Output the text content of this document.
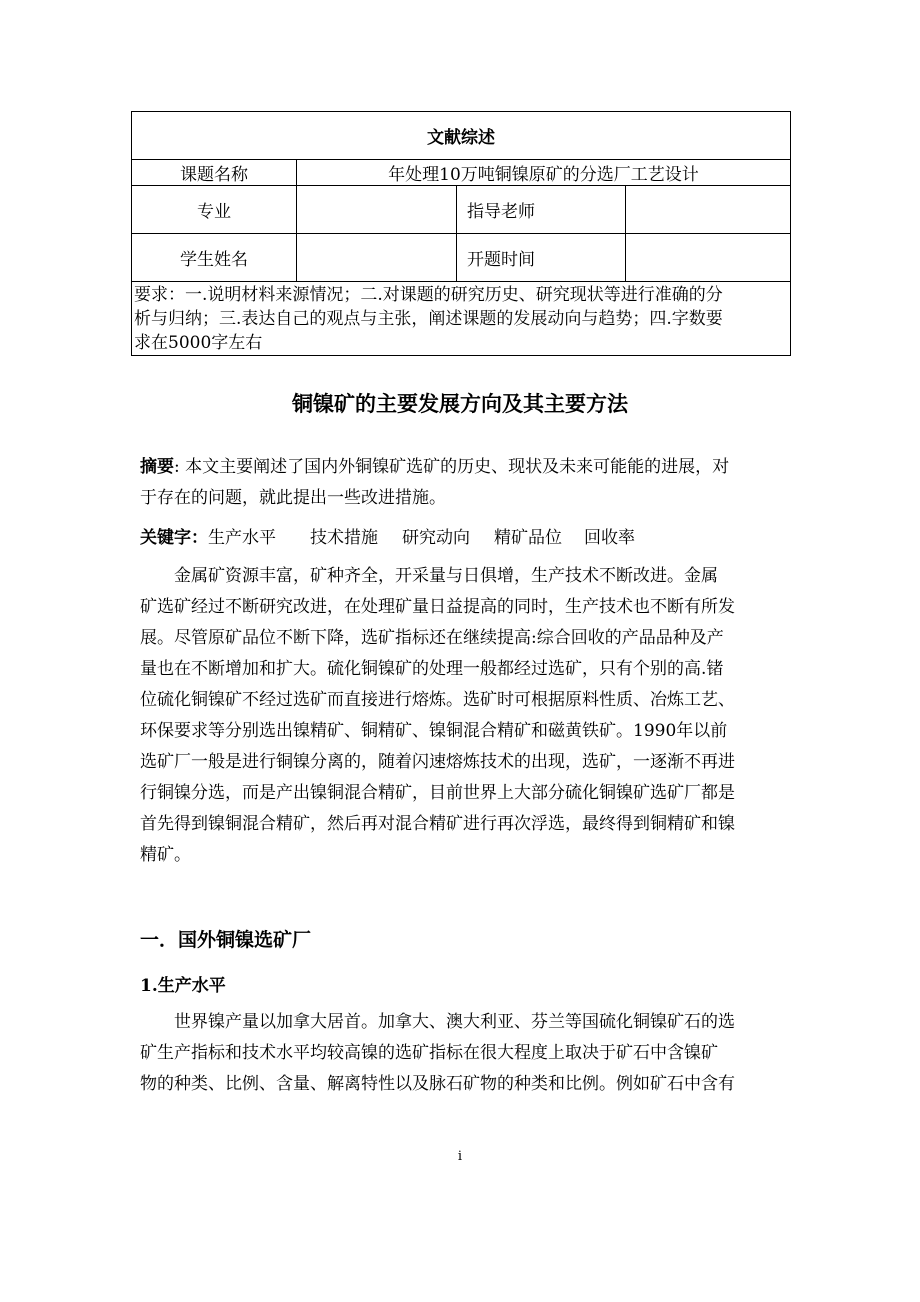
文献综述			
课题名称	年处理10万吨铜镍原矿的分选厂工艺设计		
专业		指导老师	
学生姓名		开题时间	

要求：一.说明材料来源情况；二.对课题的研究历史、研究现状等进行准确的分
析与归纳；三.表达自己的观点与主张，阐述课题的发展动向与趋势；四.字数要
求在5000字左右			
铜镍矿的主要发展方向及其主要方法
摘要: 本文主要阐述了国内外铜镍矿选矿的历史、现状及未来可能能的进展，对
于存在的问题，就此提出一些改进措施。
关键字：生产水平 技术措施 研究动向 精矿品位 回收率
　　金属矿资源丰富，矿种齐全，开采量与日俱增，生产技术不断改进。金属
矿选矿经过不断研究改进，在处理矿量日益提高的同时，生产技术也不断有所发
展。尽管原矿品位不断下降，选矿指标还在继续提高:综合回收的产品品种及产
量也在不断增加和扩大。硫化铜镍矿的处理一般都经过选矿，只有个别的高.锗
位硫化铜镍矿不经过选矿而直接进行熔炼。选矿时可根据原料性质、冶炼工艺、
环保要求等分别选出镍精矿、铜精矿、镍铜混合精矿和磁黄铁矿。1990年以前
选矿厂一般是进行铜镍分离的，随着闪速熔炼技术的出现，选矿，一逐渐不再进
行铜镍分选，而是产出镍铜混合精矿，目前世界上大部分硫化铜镍矿选矿厂都是
首先得到镍铜混合精矿，然后再对混合精矿进行再次浮选，最终得到铜精矿和镍
精矿。
一．国外铜镍选矿厂
1.生产水平
　　世界镍产量以加拿大居首。加拿大、澳大利亚、芬兰等国硫化铜镍矿石的选
矿生产指标和技术水平均较高镍的选矿指标在很大程度上取决于矿石中含镍矿
物的种类、比例、含量、解离特性以及脉石矿物的种类和比例。例如矿石中含有
i
